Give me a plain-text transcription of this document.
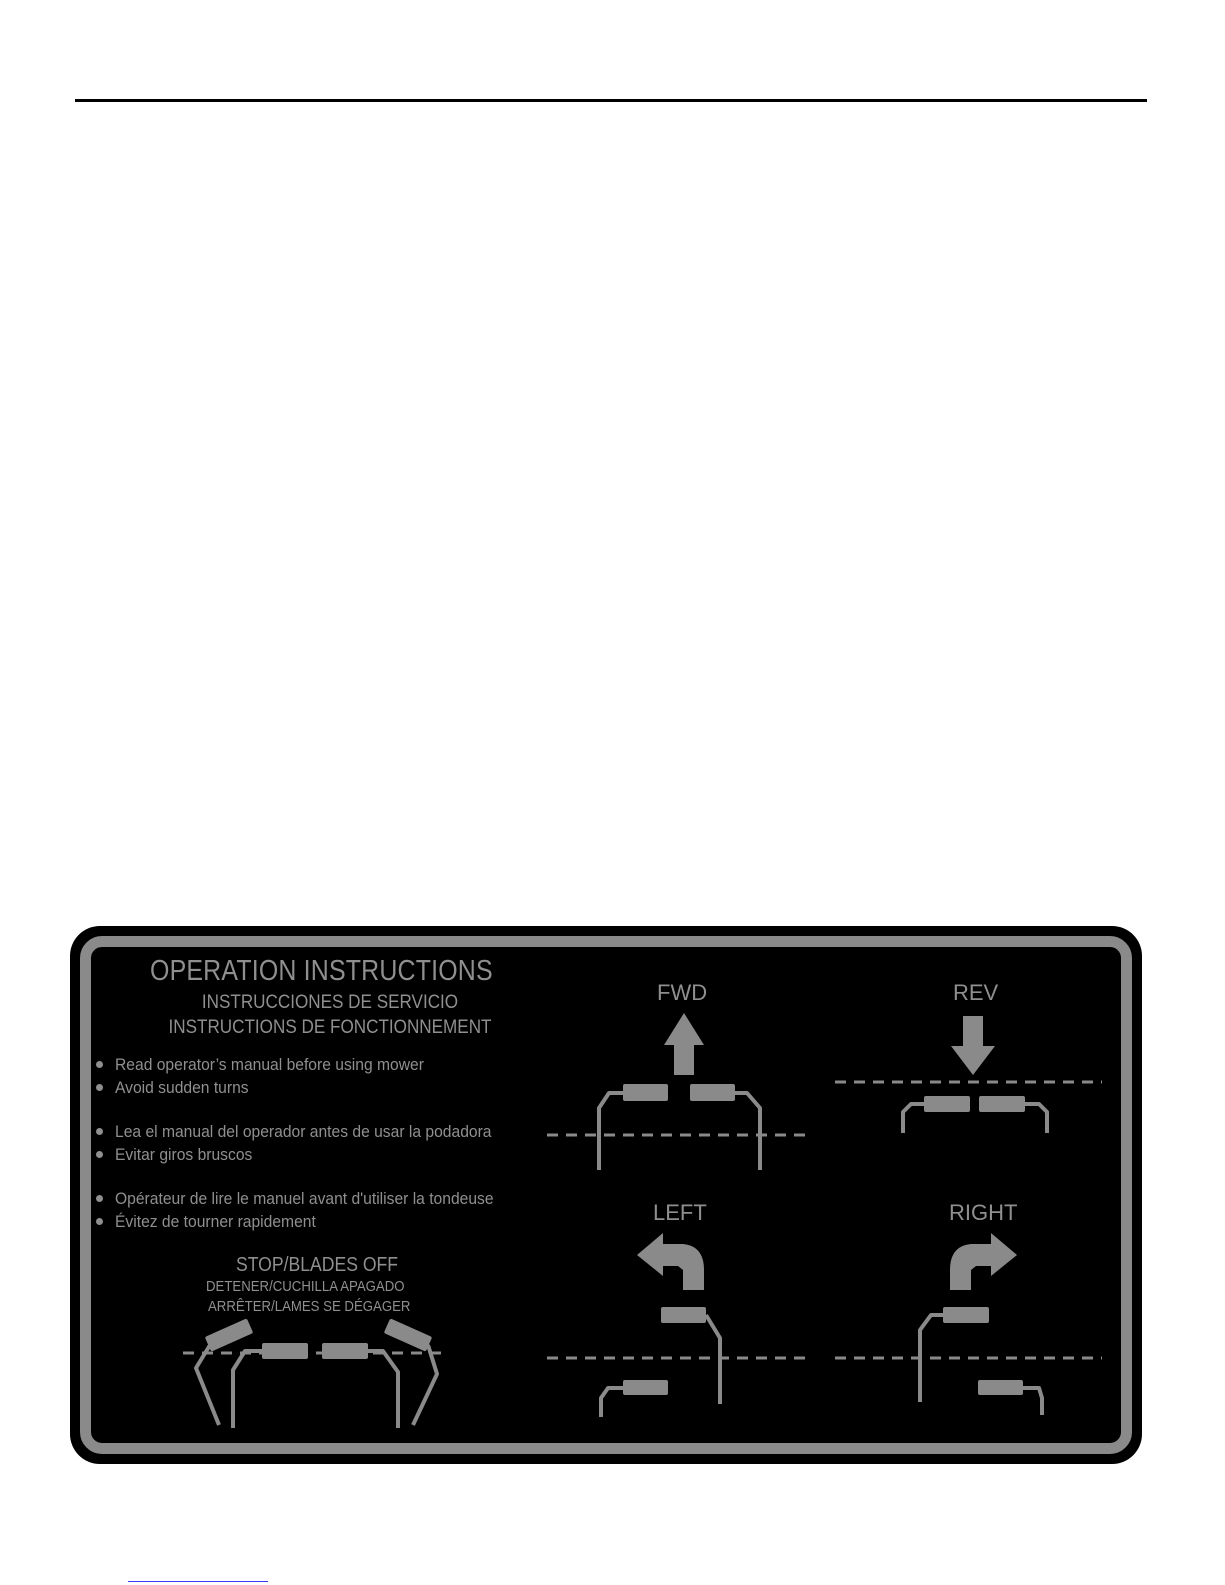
OPERATION INSTRUCTIONS
INSTRUCCIONES DE SERVICIO
INSTRUCTIONS DE FONCTIONNEMENT
Read operator’s manual before using mower
Avoid sudden turns
Lea el manual del operador antes de usar la podadora
Evitar giros bruscos
Opérateur de lire le manuel avant d'utiliser la tondeuse
Évitez de tourner rapidement
STOP/BLADES OFF
DETENER/CUCHILLA APAGADO
ARRÊTER/LAMES SE DÉGAGER
FWD	REV
LEFT	RIGHT
